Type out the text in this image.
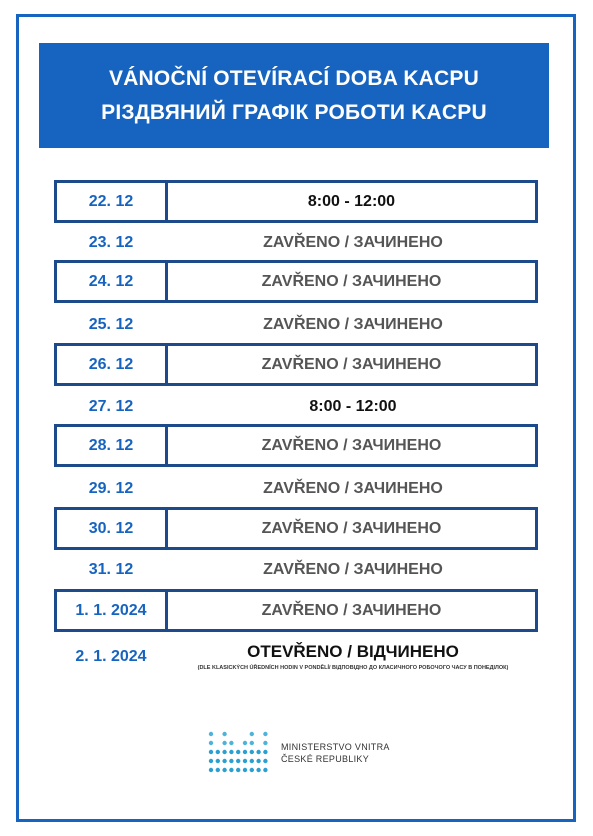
VÁNOČNÍ OTEVÍRACÍ DOBA KACPU
РІЗДВЯНИЙ ГРАФІК РОБОТИ KACPU
22. 12	8:00 - 12:00
23. 12	ZAVŘENO / ЗАЧИНЕНО
24. 12	ZAVŘENO / ЗАЧИНЕНО
25. 12	ZAVŘENO / ЗАЧИНЕНО
26. 12	ZAVŘENO / ЗАЧИНЕНО
27. 12	8:00 - 12:00
28. 12	ZAVŘENO / ЗАЧИНЕНО
29. 12	ZAVŘENO / ЗАЧИНЕНО
30. 12	ZAVŘENO / ЗАЧИНЕНО
31. 12	ZAVŘENO / ЗАЧИНЕНО
1. 1. 2024	ZAVŘENO / ЗАЧИНЕНО
2. 1. 2024	OTEVŘENO / ВІДЧИНЕНО
(DLE KLASICKÝCH ÚŘEDNÍCH HODIN V PONDĚLÍ/ ВІДПОВІДНО ДО КЛАСИЧНОГО РОБОЧОГО ЧАСУ В ПОНЕДІЛОК)
MINISTERSTVO VNITRA
ČESKÉ REPUBLIKY
